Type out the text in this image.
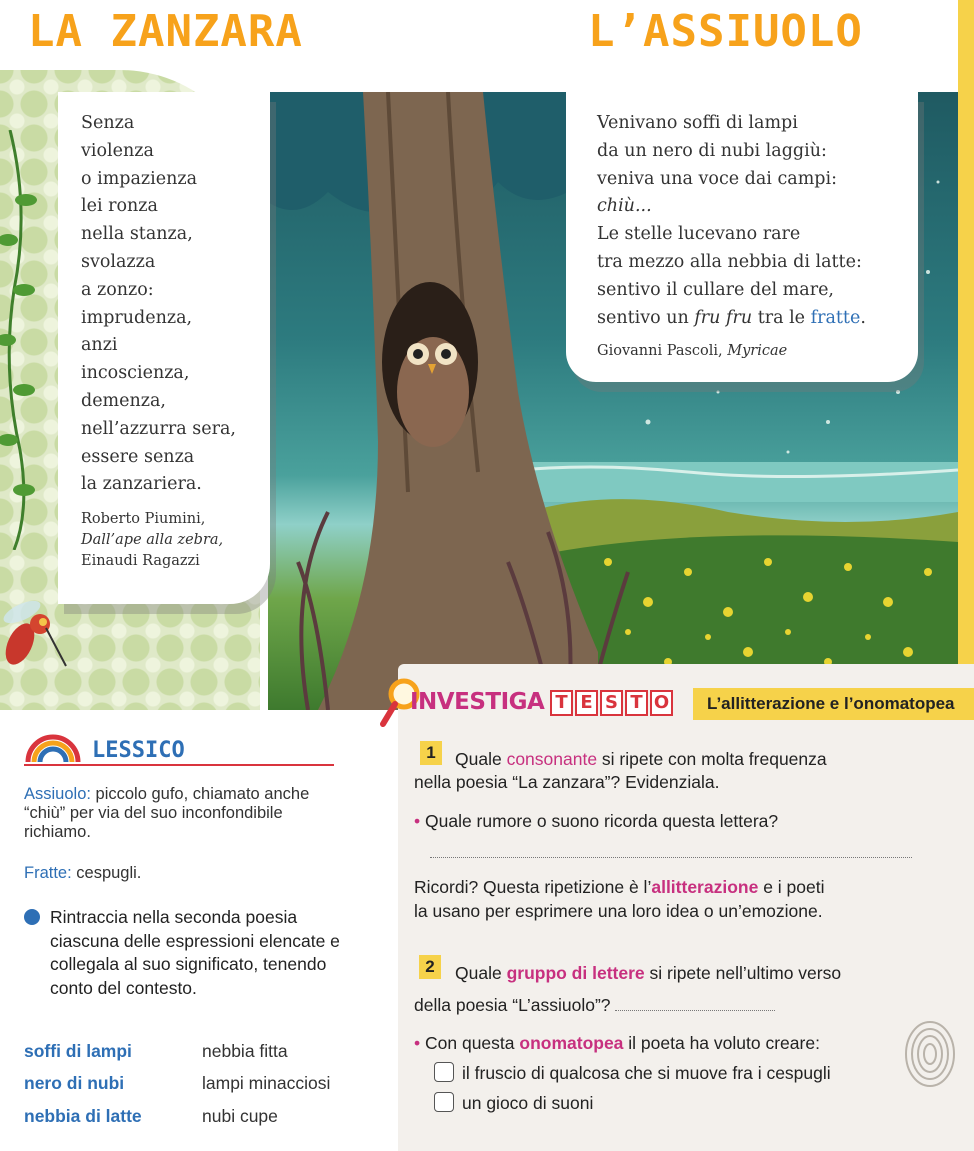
LA ZANZARA	L’ASSIUOLO
Senza
violenza
o impazienza
lei ronza
nella stanza,
svolazza
a zonzo:
imprudenza,
anzi
incoscienza,
demenza,
nell’azzurra sera,
essere senza
la zanzariera.
Roberto Piumini,
Dall’ape alla zebra,
Einaudi Ragazzi
Venivano soffi di lampi
da un nero di nubi laggiù:
veniva una voce dai campi:
chiù...
Le stelle lucevano rare
tra mezzo alla nebbia di latte:
sentivo il cullare del mare,
sentivo un fru fru tra le fratte.
Giovanni Pascoli, Myricae
LESSICO
Assiuolo: piccolo gufo, chiamato anche “chiù” per via del suo inconfondibile richiamo.
Fratte: cespugli.
Rintraccia nella seconda poesia ciascuna delle espressioni elencate e collegala al suo significato, tenendo conto del contesto.
soffi di lampi	nebbia fitta
nero di nubi	lampi minacciosi
nebbia di latte	nubi cupe
INVESTIGA T E S T O	L’allitterazione e l’onomatopea
1	Quale consonante si ripete con molta frequenza
nella poesia “La zanzara”? Evidenziala.
• Quale rumore o suono ricorda questa lettera?
Ricordi? Questa ripetizione è l’allitterazione e i poeti
la usano per esprimere una loro idea o un’emozione.
2	Quale gruppo di lettere si ripete nell’ultimo verso
della poesia “L’assiuolo”?
• Con questa onomatopea il poeta ha voluto creare:
il fruscio di qualcosa che si muove fra i cespugli
un gioco di suoni
